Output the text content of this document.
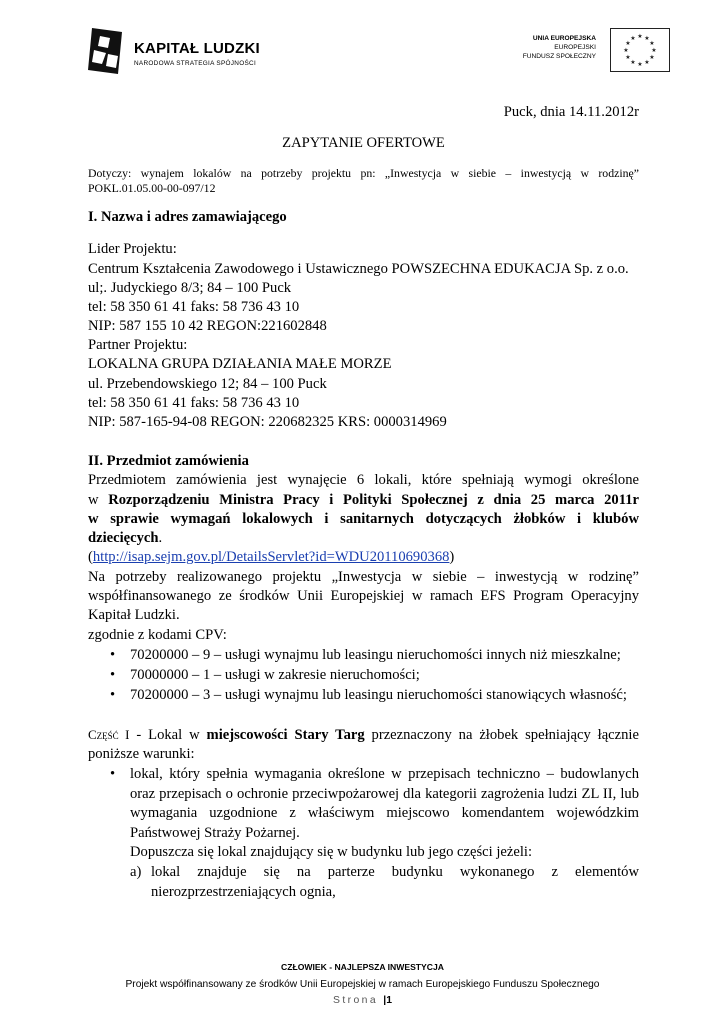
KAPITAŁ LUDZKI
NARODOWA STRATEGIA SPÓJNOŚCI
UNIA EUROPEJSKA
EUROPEJSKI
FUNDUSZ SPOŁECZNY
★ ★
★
★
★
★
★
★
★
★
★
★
Puck, dnia 14.11.2012r
ZAPYTANIE OFERTOWE
Dotyczy: wynajem lokalów na potrzeby projektu pn: „Inwestycja w siebie – inwestycją w rodzinę”
POKL.01.05.00-00-097/12
I. Nazwa i adres zamawiającego
Lider Projektu:
Centrum Kształcenia Zawodowego i Ustawicznego POWSZECHNA EDUKACJA Sp. z o.o.
ul;. Judyckiego 8/3; 84 – 100 Puck
tel: 58 350 61 41 faks: 58 736 43 10
NIP: 587 155 10 42 REGON:221602848
Partner Projektu:
LOKALNA GRUPA DZIAŁANIA MAŁE MORZE
ul. Przebendowskiego 12; 84 – 100 Puck
tel: 58 350 61 41 faks: 58 736 43 10
NIP: 587-165-94-08 REGON: 220682325 KRS: 0000314969
II. Przedmiot zamówienia
Przedmiotem zamówienia jest wynajęcie 6 lokali, które spełniają wymogi określone
w Rozporządzeniu Ministra Pracy i Polityki Społecznej z dnia 25 marca 2011r
w sprawie wymagań lokalowych i sanitarnych dotyczących żłobków i klubów
dziecięcych.
(http://isap.sejm.gov.pl/DetailsServlet?id=WDU20110690368)
Na potrzeby realizowanego projektu „Inwestycja w siebie – inwestycją w rodzinę”
współfinansowanego ze środków Unii Europejskiej w ramach EFS Program Operacyjny
Kapitał Ludzki.
zgodnie z kodami CPV:
• 70200000 – 9 – usługi wynajmu lub leasingu nieruchomości innych niż mieszkalne;
• 70000000 – 1 – usługi w zakresie nieruchomości;
• 70200000 – 3 – usługi wynajmu lub leasingu nieruchomości stanowiących własność;
Część I - Lokal w miejscowości Stary Targ przeznaczony na żłobek spełniający łącznie
poniższe warunki:
•	lokal, który spełnia wymagania określone w przepisach techniczno – budowlanych
oraz przepisach o ochronie przeciwpożarowej dla kategorii zagrożenia ludzi ZL II, lub
wymagania uzgodnione z właściwym miejscowo komendantem wojewódzkim
Państwowej Straży Pożarnej.
Dopuszcza się lokal znajdujący się w budynku lub jego części jeżeli:
a) lokal znajduje się na parterze budynku wykonanego z elementów
nierozprzestrzeniających ognia,
CZŁOWIEK - NAJLEPSZA INWESTYCJA
Projekt współfinansowany ze środków Unii Europejskiej w ramach Europejskiego Funduszu Społecznego
Strona |1
